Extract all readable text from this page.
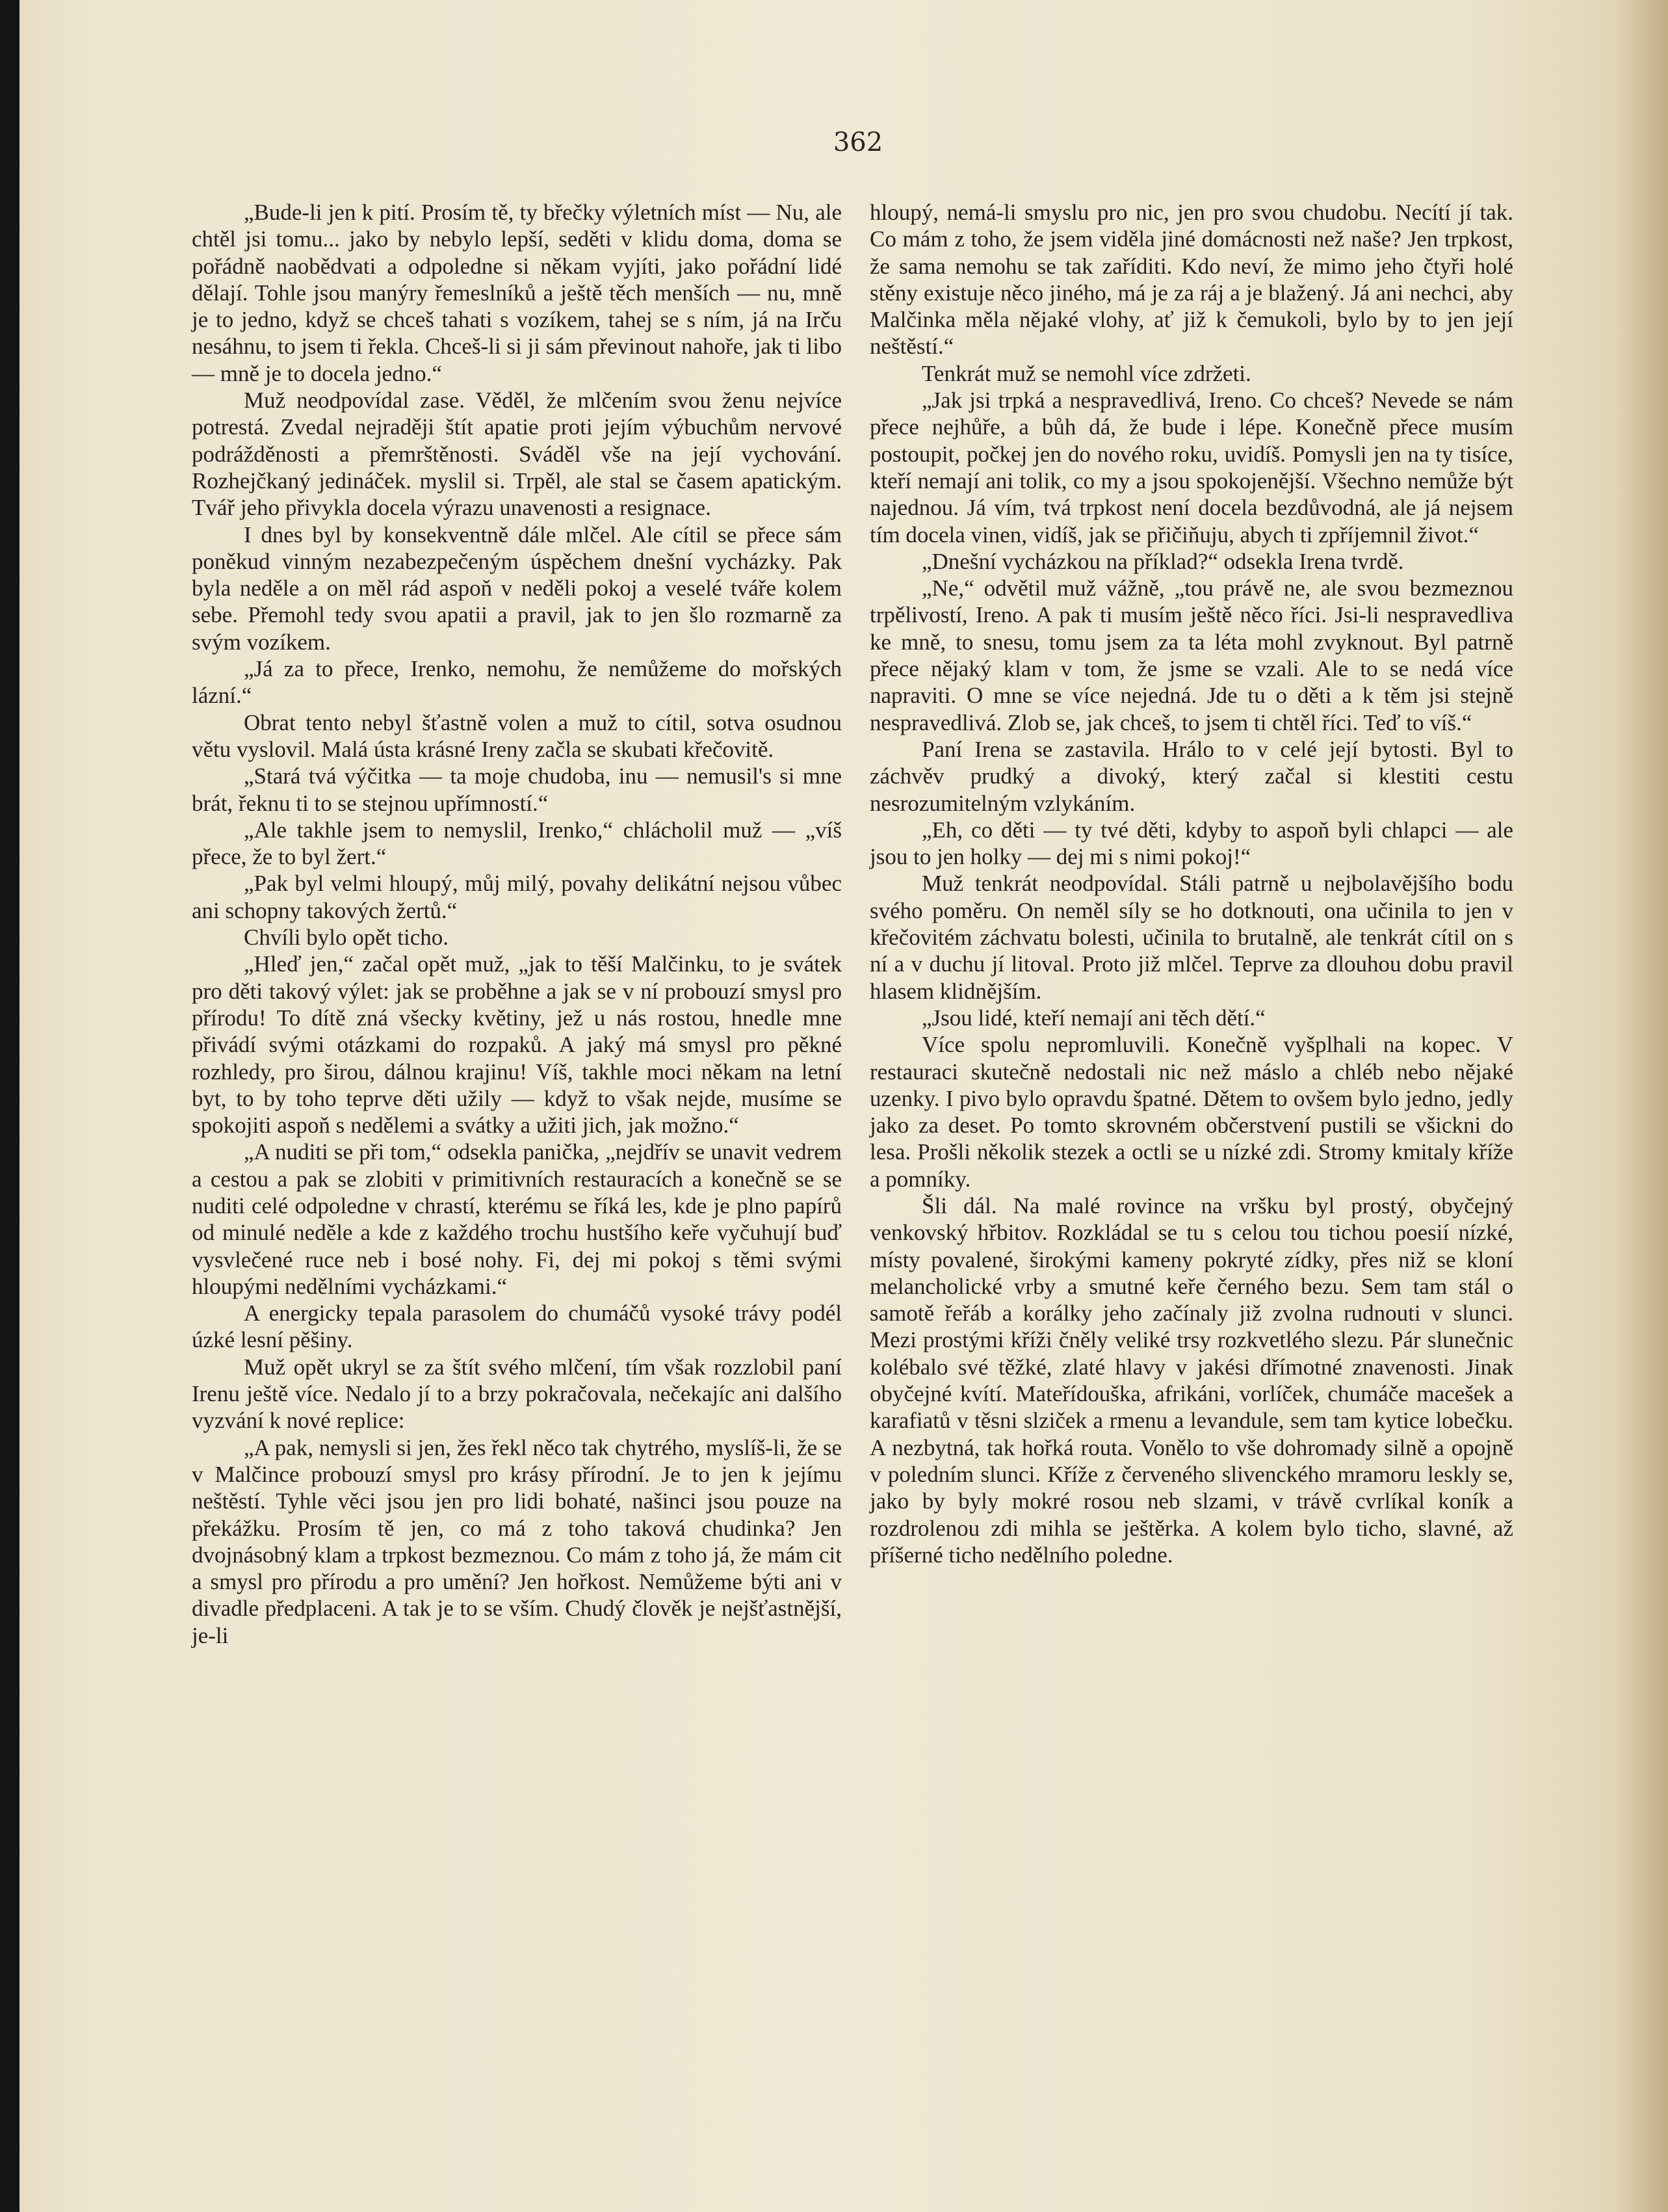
362

„Bude-li jen k pití. Prosím tě, ty břečky výletních míst — Nu, ale chtěl jsi tomu... jako by nebylo lepší, seděti v klidu doma, doma se pořádně naobědvati a odpoledne si někam vyjíti, jako pořádní lidé dělají. Tohle jsou manýry řemeslníků a ještě těch menších — nu, mně je to jedno, když se chceš tahati s vozíkem, tahej se s ním, já na Irču nesáhnu, to jsem ti řekla. Chceš-li si ji sám převinout nahoře, jak ti libo — mně je to docela jedno.“

Muž neodpovídal zase. Věděl, že mlčením svou ženu nejvíce potrestá. Zvedal nejraději štít apatie proti jejím výbuchům nervové podrážděnosti a přemrštěnosti. Sváděl vše na její vychování. Rozhejčkaný jedináček. myslil si. Trpěl, ale stal se časem apatickým. Tvář jeho přivykla docela výrazu unavenosti a resignace.

I dnes byl by konsekventně dále mlčel. Ale cítil se přece sám poněkud vinným nezabezpečeným úspěchem dnešní vycházky. Pak byla neděle a on měl rád aspoň v neděli pokoj a veselé tváře kolem sebe. Přemohl tedy svou apatii a pravil, jak to jen šlo rozmarně za svým vozíkem.

„Já za to přece, Irenko, nemohu, že nemůžeme do mořských lázní.“

Obrat tento nebyl šťastně volen a muž to cítil, sotva osudnou větu vyslovil. Malá ústa krásné Ireny začla se skubati křečovitě.

„Stará tvá výčitka — ta moje chudoba, inu — nemusil's si mne brát, řeknu ti to se stejnou upřímností.“

„Ale takhle jsem to nemyslil, Irenko,“ chlácholil muž — „víš přece, že to byl žert.“

„Pak byl velmi hloupý, můj milý, povahy delikátní nejsou vůbec ani schopny takových žertů.“

Chvíli bylo opět ticho.

„Hleď jen,“ začal opět muž, „jak to těší Malčinku, to je svátek pro děti takový výlet: jak se proběhne a jak se v ní probouzí smysl pro přírodu! To dítě zná všecky květiny, jež u nás rostou, hnedle mne přivádí svými otázkami do rozpaků. A jaký má smysl pro pěkné rozhledy, pro širou, dálnou krajinu! Víš, takhle moci někam na letní byt, to by toho teprve děti užily — když to však nejde, musíme se spokojiti aspoň s nedělemi a svátky a užiti jich, jak možno.“

„A nuditi se při tom,“ odsekla panička, „nejdřív se unavit vedrem a cestou a pak se zlobiti v primitivních restauracích a konečně se se nuditi celé odpoledne v chrastí, kterému se říká les, kde je plno papírů od minulé neděle a kde z každého trochu hustšího keře vyčuhují buď vysvlečené ruce neb i bosé nohy. Fi, dej mi pokoj s těmi svými hloupými nedělními vycházkami.“

A energicky tepala parasolem do chumáčů vysoké trávy podél úzké lesní pěšiny.

Muž opět ukryl se za štít svého mlčení, tím však rozzlobil paní Irenu ještě více. Nedalo jí to a brzy pokračovala, nečekajíc ani dalšího vyzvání k nové replice:

„A pak, nemysli si jen, žes řekl něco tak chytrého, myslíš-li, že se v Malčince probouzí smysl pro krásy přírodní. Je to jen k jejímu neštěstí. Tyhle věci jsou jen pro lidi bohaté, našinci jsou pouze na překážku. Prosím tě jen, co má z toho taková chudinka? Jen dvojnásobný klam a trpkost bezmeznou. Co mám z toho já, že mám cit a smysl pro přírodu a pro umění? Jen hořkost. Nemůžeme býti ani v divadle předplaceni. A tak je to se vším. Chudý člověk je nejšťastnější, je-li

hloupý, nemá-li smyslu pro nic, jen pro svou chudobu. Necítí jí tak. Co mám z toho, že jsem viděla jiné domácnosti než naše? Jen trpkost, že sama nemohu se tak zaříditi. Kdo neví, že mimo jeho čtyři holé stěny existuje něco jiného, má je za ráj a je blažený. Já ani nechci, aby Malčinka měla nějaké vlohy, ať již k čemukoli, bylo by to jen její neštěstí.“

Tenkrát muž se nemohl více zdržeti.

„Jak jsi trpká a nespravedlivá, Ireno. Co chceš? Nevede se nám přece nejhůře, a bůh dá, že bude i lépe. Konečně přece musím postoupit, počkej jen do nového roku, uvidíš. Pomysli jen na ty tisíce, kteří nemají ani tolik, co my a jsou spokojenější. Všechno nemůže být najednou. Já vím, tvá trpkost není docela bezdůvodná, ale já nejsem tím docela vinen, vidíš, jak se přičiňuju, abych ti zpříjemnil život.“

„Dnešní vycházkou na příklad?“ odsekla Irena tvrdě.

„Ne,“ odvětil muž vážně, „tou právě ne, ale svou bezmeznou trpělivostí, Ireno. A pak ti musím ještě něco říci. Jsi-li nespravedliva ke mně, to snesu, tomu jsem za ta léta mohl zvyknout. Byl patrně přece nějaký klam v tom, že jsme se vzali. Ale to se nedá více napraviti. O mne se více nejedná. Jde tu o děti a k těm jsi stejně nespravedlivá. Zlob se, jak chceš, to jsem ti chtěl říci. Teď to víš.“

Paní Irena se zastavila. Hrálo to v celé její bytosti. Byl to záchvěv prudký a divoký, který začal si klestiti cestu nesrozumitelným vzlykáním.

„Eh, co děti — ty tvé děti, kdyby to aspoň byli chlapci — ale jsou to jen holky — dej mi s nimi pokoj!“

Muž tenkrát neodpovídal. Stáli patrně u nejbolavějšího bodu svého poměru. On neměl síly se ho dotknouti, ona učinila to jen v křečovitém záchvatu bolesti, učinila to brutalně, ale tenkrát cítil on s ní a v duchu jí litoval. Proto již mlčel. Teprve za dlouhou dobu pravil hlasem klidnějším.

„Jsou lidé, kteří nemají ani těch dětí.“

Více spolu nepromluvili. Konečně vyšplhali na kopec. V restauraci skutečně nedostali nic než máslo a chléb nebo nějaké uzenky. I pivo bylo opravdu špatné. Dětem to ovšem bylo jedno, jedly jako za deset. Po tomto skrovném občerstvení pustili se všickni do lesa. Prošli několik stezek a octli se u nízké zdi. Stromy kmitaly kříže a pomníky.

Šli dál. Na malé rovince na vršku byl prostý, obyčejný venkovský hřbitov. Rozkládal se tu s celou tou tichou poesií nízké, místy povalené, širokými kameny pokryté zídky, přes niž se kloní melancholické vrby a smutné keře černého bezu. Sem tam stál o samotě řeřáb a korálky jeho začínaly již zvolna rudnouti v slunci. Mezi prostými kříži čněly veliké trsy rozkvetlého slezu. Pár slunečnic kolébalo své těžké, zlaté hlavy v jakési dřímotné znavenosti. Jinak obyčejné kvítí. Mateřídouška, afrikáni, vorlíček, chumáče macešek a karafiatů v těsni slziček a rmenu a levandule, sem tam kytice lobečku. A nezbytná, tak hořká routa. Vonělo to vše dohromady silně a opojně v poledním slunci. Kříže z červeného slivenckého mramoru leskly se, jako by byly mokré rosou neb slzami, v trávě cvrlíkal koník a rozdrolenou zdi mihla se ještěrka. A kolem bylo ticho, slavné, až příšerné ticho nedělního poledne.
